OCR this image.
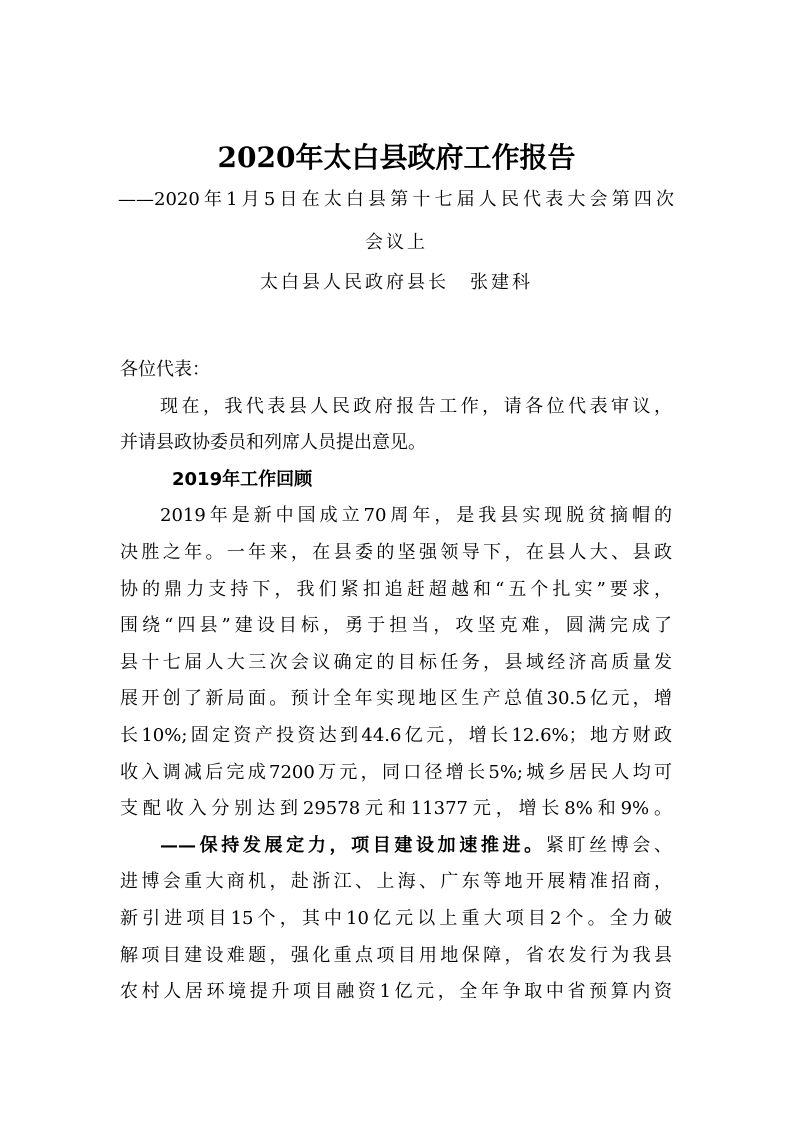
2020年太白县政府工作报告
——2020年1月5日在太白县第十七届人民代表大会第四次
会议上
太白县人民政府县长　张建科
各位代表：
现在，我代表县人民政府报告工作，请各位代表审议，
并请县政协委员和列席人员提出意见。
2019年工作回顾
2019年是新中国成立70周年，是我县实现脱贫摘帽的
决胜之年。一年来，在县委的坚强领导下，在县人大、县政
协的鼎力支持下，我们紧扣追赶超越和“五个扎实”要求，
围绕“四县”建设目标，勇于担当，攻坚克难，圆满完成了
县十七届人大三次会议确定的目标任务，县域经济高质量发
展开创了新局面。预计全年实现地区生产总值30.5亿元，增
长10%;固定资产投资达到44.6亿元，增长12.6%；地方财政
收入调减后完成7200万元，同口径增长5%;城乡居民人均可
支配收入分别达到29578元和11377元，增长8%和9%。
——保持发展定力，项目建设加速推进。紧盯丝博会、
进博会重大商机，赴浙江、上海、广东等地开展精准招商，
新引进项目15个，其中10亿元以上重大项目2个。全力破
解项目建设难题，强化重点项目用地保障，省农发行为我县
农村人居环境提升项目融资1亿元，全年争取中省预算内资
